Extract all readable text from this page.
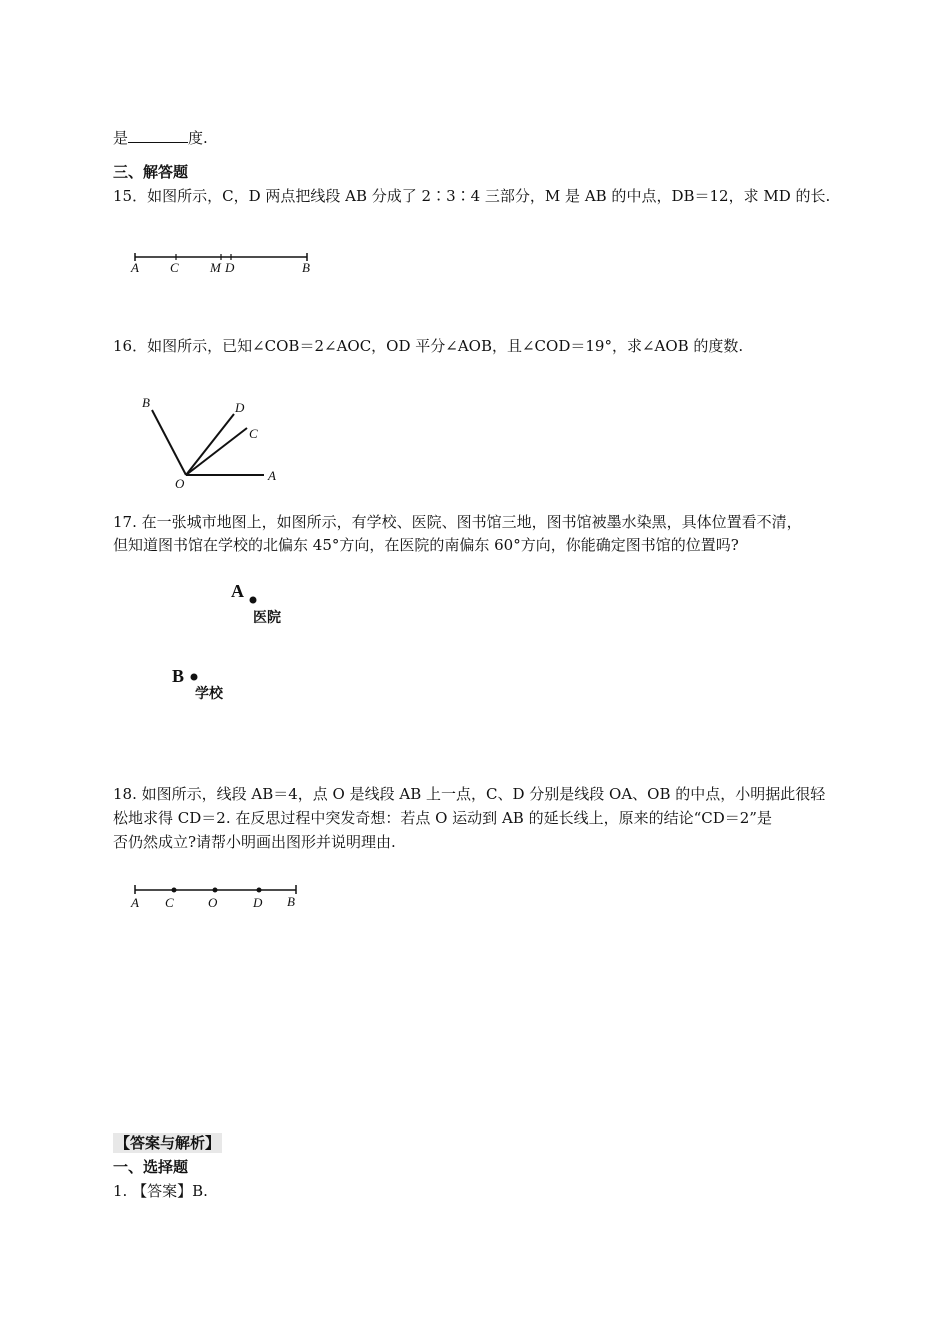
是	度.
三、解答题
15．如图所示，C，D 两点把线段 AB 分成了 2∶3∶4 三部分，M 是 AB 的中点，DB＝12，求 MD 的长.
A C M D	B
16．如图所示，已知∠COB＝2∠AOC，OD 平分∠AOB，且∠COD＝19°，求∠AOB 的度数.
B	D
C
O
A
17. 在一张城市地图上，如图所示，有学校、医院、图书馆三地，图书馆被墨水染黑，具体位置看不清，
但知道图书馆在学校的北偏东 45°方向，在医院的南偏东 60°方向，你能确定图书馆的位置吗?
A
医院
B
学校
18. 如图所示，线段 AB＝4，点 O 是线段 AB 上一点，C、D 分别是线段 OA、OB 的中点，小明据此很轻
松地求得 CD＝2. 在反思过程中突发奇想：若点 O 运动到 AB 的延长线上，原来的结论“CD＝2”是
否仍然成立?请帮小明画出图形并说明理由.
A C	O	D B
【答案与解析】
一、选择题
1. 【答案】B.
